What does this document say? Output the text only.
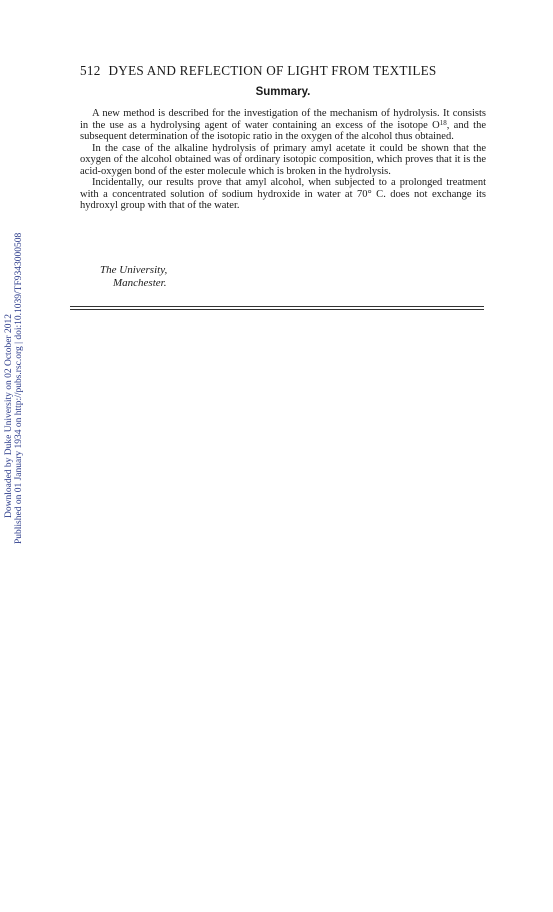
Downloaded by Duke University on 02 October 2012 Published on 01 January 1934 on http://pubs.rsc.org | doi:10.1039/TF9343000508
512 DYES AND REFLECTION OF LIGHT FROM TEXTILES
Summary.

A new method is described for the investigation of the mechanism of hydrolysis. It consists in the use as a hydrolysing agent of water containing an excess of the isotope $O^{18}$, and the subsequent determination of the isotopic ratio in the oxygen of the alcohol thus obtained.

In the case of the alkaline hydrolysis of primary amyl acetate it could be shown that the oxygen of the alcohol obtained was of ordinary isotopic composition, which proves that it is the acid-oxygen bond of the ester molecule which is broken in the hydrolysis.

Incidentally, our results prove that amyl alcohol, when subjected to a prolonged treatment with a concentrated solution of sodium hydroxide in water at 70° C. does not exchange its hydroxyl group with that of the water.

The University,
Manchester.
